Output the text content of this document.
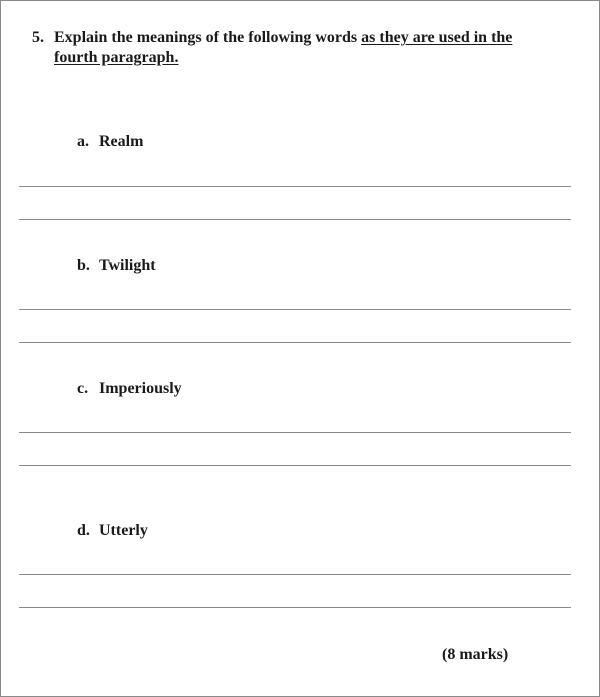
5. Explain the meanings of the following words as they are used in the
fourth paragraph.
a. Realm
b. Twilight
c. Imperiously
d. Utterly
(8 marks)
